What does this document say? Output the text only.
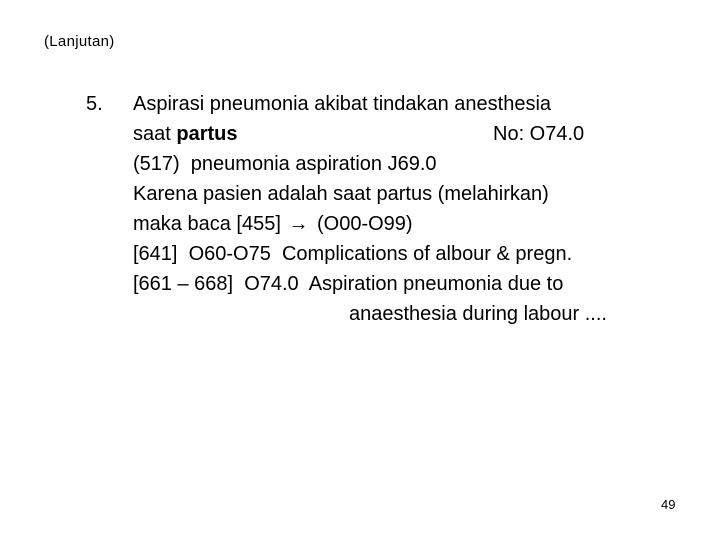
(Lanjutan)
5. Aspirasi pneumonia akibat tindakan anesthesia
saat partus	No: O74.0
(517)  pneumonia aspiration J69.0
Karena pasien adalah saat partus (melahirkan)
maka baca [455] → (O00-O99)
[641]  O60-O75  Complications of albour & pregn.
[661 – 668]  O74.0  Aspiration pneumonia due to
anaesthesia during labour ....
49
